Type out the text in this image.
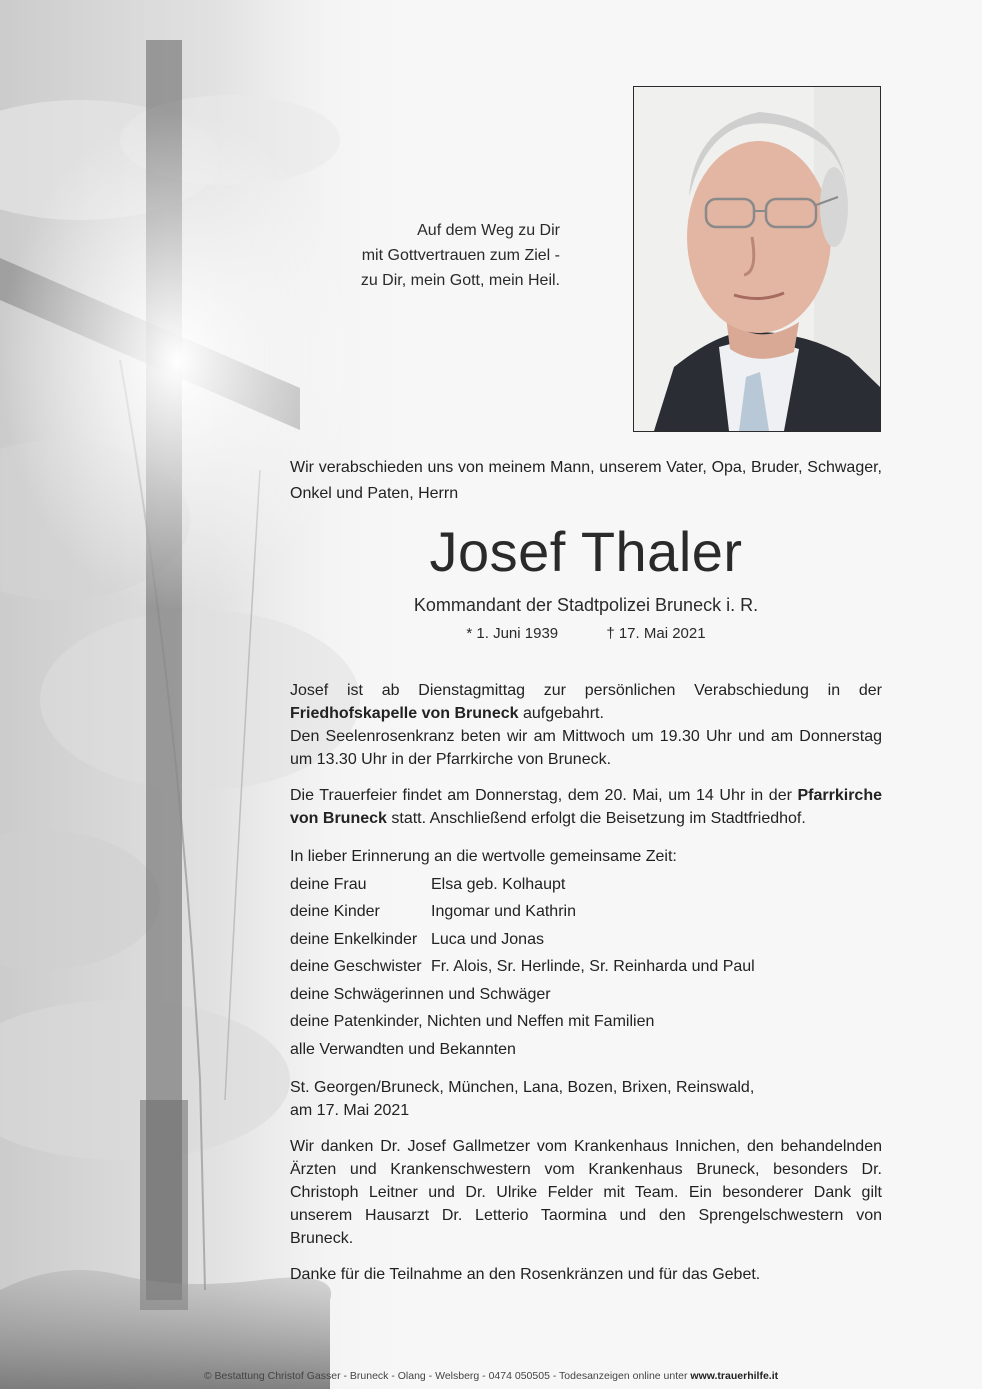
Auf dem Weg zu Dir
mit Gottvertrauen zum Ziel -
zu Dir, mein Gott, mein Heil.
Wir verabschieden uns von meinem Mann, unserem Vater, Opa, Bruder, Schwager, Onkel und Paten, Herrn
Josef Thaler
Kommandant der Stadtpolizei Bruneck i. R.
* 1. Juni 1939	† 17. Mai 2021

Josef ist ab Dienstagmittag zur persönlichen Verabschiedung in der Friedhofskapelle von Bruneck aufgebahrt.
Den Seelenrosenkranz beten wir am Mittwoch um 19.30 Uhr und am Donnerstag um 13.30 Uhr in der Pfarrkirche von Bruneck.

Die Trauerfeier findet am Donnerstag, dem 20. Mai, um 14 Uhr in der Pfarrkirche von Bruneck statt. Anschließend erfolgt die Beisetzung im Stadtfriedhof.

In lieber Erinnerung an die wertvolle gemeinsame Zeit:
deine Frau	Elsa geb. Kolhaupt
deine Kinder	Ingomar und Kathrin
deine Enkelkinder Luca und Jonas
deine Geschwister Fr. Alois, Sr. Herlinde, Sr. Reinharda und Paul
deine Schwägerinnen und Schwäger
deine Patenkinder, Nichten und Neffen mit Familien
alle Verwandten und Bekannten

St. Georgen/Bruneck, München, Lana, Bozen, Brixen, Reinswald,
am 17. Mai 2021

Wir danken Dr. Josef Gallmetzer vom Krankenhaus Innichen, den behandelnden Ärzten und Krankenschwestern vom Krankenhaus Bruneck, besonders Dr. Christoph Leitner und Dr. Ulrike Felder mit Team. Ein besonderer Dank gilt unserem Hausarzt Dr. Letterio Taormina und den Sprengelschwestern von Bruneck.

Danke für die Teilnahme an den Rosenkränzen und für das Gebet.

© Bestattung Christof Gasser - Bruneck - Olang - Welsberg - 0474 050505 - Todesanzeigen online unter www.trauerhilfe.it
